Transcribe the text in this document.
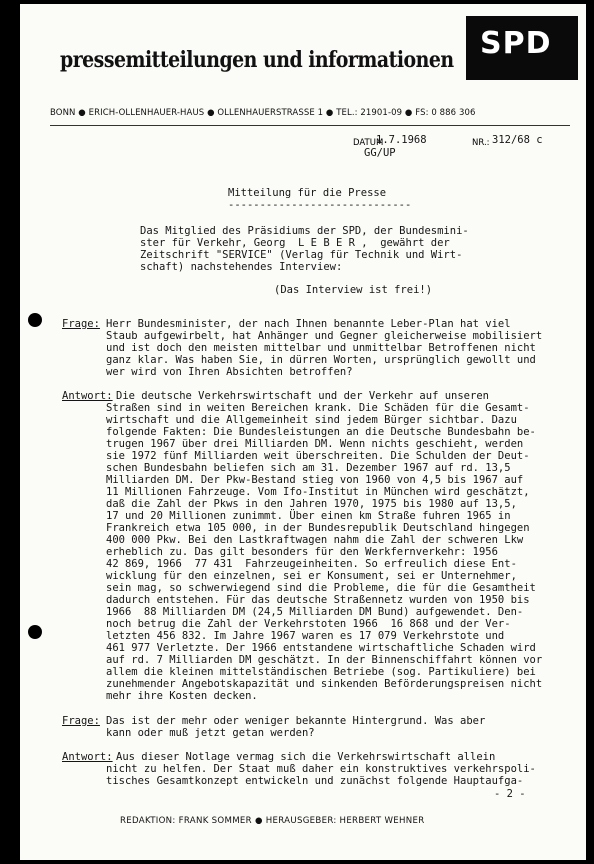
pressemitteilungen und informationen SPD
BONN ● ERICH-OLLENHAUER-HAUS ● OLLENHAUERSTRASSE 1 ● TEL.: 21901-09 ● FS: 0 886 306
DATUM
1.7.1968
GG/UP
NR.: 312/68 c
Mitteilung für die Presse
-----------------------------
Das Mitglied des Präsidiums der SPD, der Bundesmini-
ster für Verkehr, Georg  L E B E R ,  gewährt der
Zeitschrift "SERVICE" (Verlag für Technik und Wirt-
schaft) nachstehendes Interview:
(Das Interview ist frei!)
Frage: Herr Bundesminister, der nach Ihnen benannte Leber-Plan hat viel
Staub aufgewirbelt, hat Anhänger und Gegner gleicherweise mobilisiert
und ist doch den meisten mittelbar und unmittelbar Betroffenen nicht
ganz klar. Was haben Sie, in dürren Worten, ursprünglich gewollt und
wer wird von Ihren Absichten betroffen?
Antwort: Die deutsche Verkehrswirtschaft und der Verkehr auf unseren
Straßen sind in weiten Bereichen krank. Die Schäden für die Gesamt-
wirtschaft und die Allgemeinheit sind jedem Bürger sichtbar. Dazu
folgende Fakten: Die Bundesleistungen an die Deutsche Bundesbahn be-
trugen 1967 über drei Milliarden DM. Wenn nichts geschieht, werden
sie 1972 fünf Milliarden weit überschreiten. Die Schulden der Deut-
schen Bundesbahn beliefen sich am 31. Dezember 1967 auf rd. 13,5
Milliarden DM. Der Pkw-Bestand stieg von 1960 von 4,5 bis 1967 auf
11 Millionen Fahrzeuge. Vom Ifo-Institut in München wird geschätzt,
daß die Zahl der Pkws in den Jahren 1970, 1975 bis 1980 auf 13,5,
17 und 20 Millionen zunimmt. Über einen km Straße fuhren 1965 in
Frankreich etwa 105 000, in der Bundesrepublik Deutschland hingegen
400 000 Pkw. Bei den Lastkraftwagen nahm die Zahl der schweren Lkw
erheblich zu. Das gilt besonders für den Werkfernverkehr: 1956
42 869, 1966  77 431  Fahrzeugeinheiten. So erfreulich diese Ent-
wicklung für den einzelnen, sei er Konsument, sei er Unternehmer,
sein mag, so schwerwiegend sind die Probleme, die für die Gesamtheit
dadurch entstehen. Für das deutsche Straßennetz wurden von 1950 bis
1966  88 Milliarden DM (24,5 Milliarden DM Bund) aufgewendet. Den-
noch betrug die Zahl der Verkehrstoten 1966  16 868 und der Ver-
letzten 456 832. Im Jahre 1967 waren es 17 079 Verkehrstote und
461 977 Verletzte. Der 1966 entstandene wirtschaftliche Schaden wird
auf rd. 7 Milliarden DM geschätzt. In der Binnenschiffahrt können vor
allem die kleinen mittelständischen Betriebe (sog. Partikuliere) bei
zunehmender Angebotskapazität und sinkenden Beförderungspreisen nicht
mehr ihre Kosten decken.
Frage: Das ist der mehr oder weniger bekannte Hintergrund. Was aber
kann oder muß jetzt getan werden?
Antwort: Aus dieser Notlage vermag sich die Verkehrswirtschaft allein
nicht zu helfen. Der Staat muß daher ein konstruktives verkehrspoli-
tisches Gesamtkonzept entwickeln und zunächst folgende Hauptaufga-
- 2 -
REDAKTION: FRANK SOMMER ● HERAUSGEBER: HERBERT WEHNER
